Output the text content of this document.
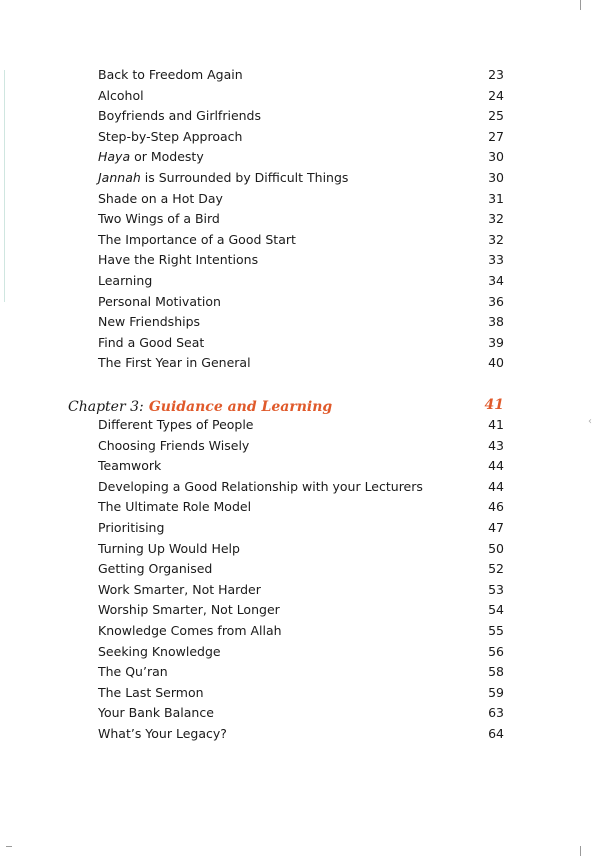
‹
Back to Freedom Again	23
Alcohol	24
Boyfriends and Girlfriends	25
Step-by-Step Approach	27
Haya or Modesty	30
Jannah is Surrounded by Difficult Things	30
Shade on a Hot Day	31
Two Wings of a Bird	32
The Importance of a Good Start	32
Have the Right Intentions	33
Learning	34
Personal Motivation	36
New Friendships	38
Find a Good Seat	39
The First Year in General	40
Chapter 3: Guidance and Learning	41
Different Types of People	41
Choosing Friends Wisely	43
Teamwork	44
Developing a Good Relationship with your Lecturers	44
The Ultimate Role Model	46
Prioritising	47
Turning Up Would Help	50
Getting Organised	52
Work Smarter, Not Harder	53
Worship Smarter, Not Longer	54
Knowledge Comes from Allah	55
Seeking Knowledge	56
The Qu’ran	58
The Last Sermon	59
Your Bank Balance	63
What’s Your Legacy?	64
